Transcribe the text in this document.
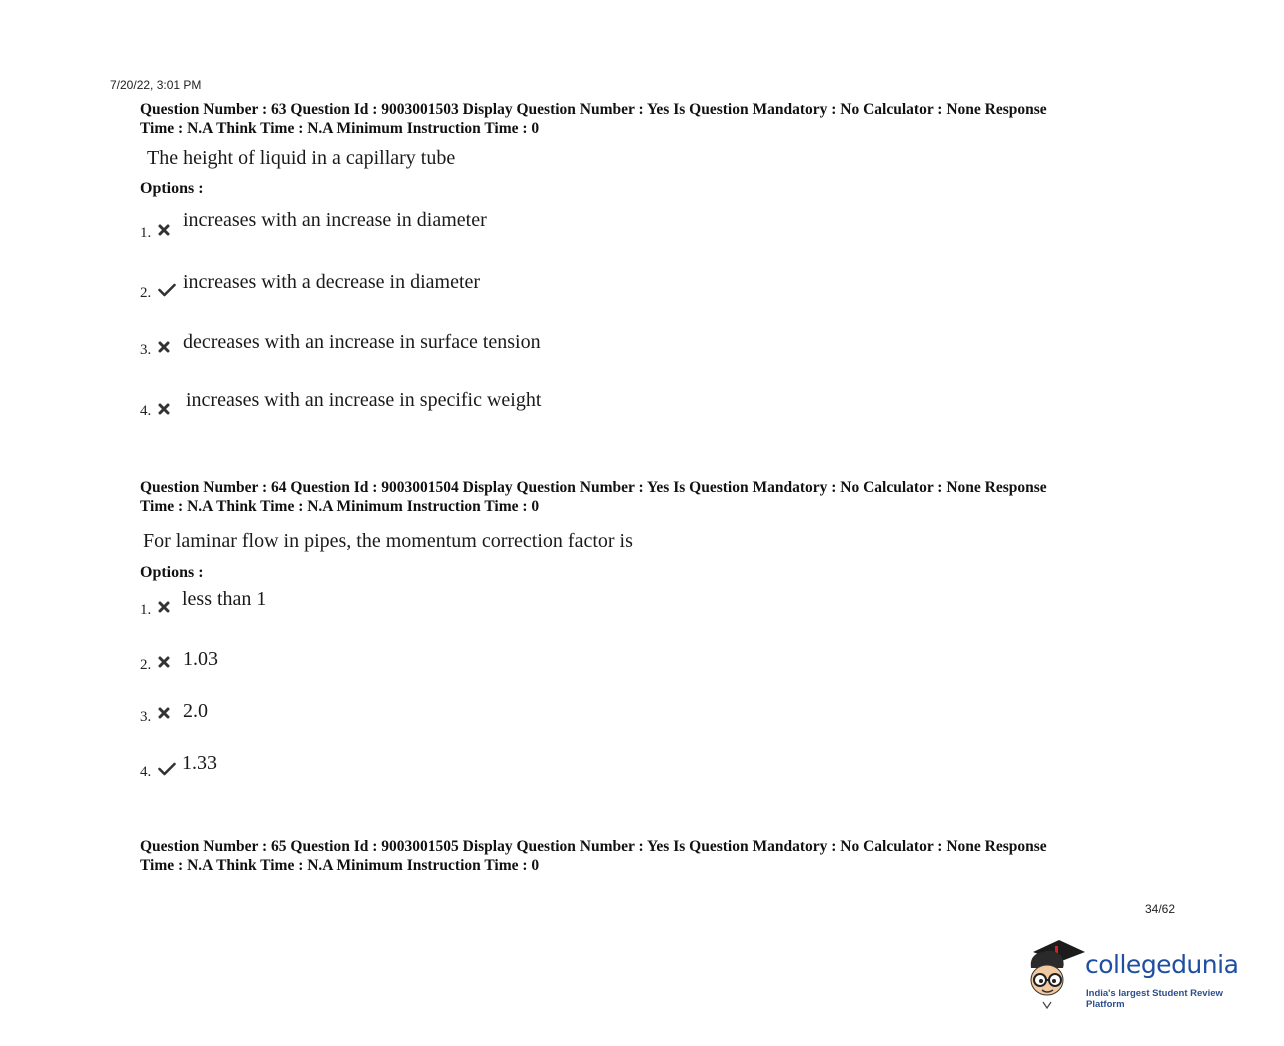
7/20/22, 3:01 PM
Question Number : 63 Question Id : 9003001503 Display Question Number : Yes Is Question Mandatory : No Calculator : None Response
Time : N.A Think Time : N.A Minimum Instruction Time : 0
The height of liquid in a capillary tube
Options :
1.
increases with an increase in diameter
2. increases with a decrease in diameter
3. decreases with an increase in surface tension
4. increases with an increase in specific weight
Question Number : 64 Question Id : 9003001504 Display Question Number : Yes Is Question Mandatory : No Calculator : None Response
Time : N.A Think Time : N.A Minimum Instruction Time : 0
For laminar flow in pipes, the momentum correction factor is
Options :
1. less than 1
2. 1.03
3. 2.0
4. 1.33
Question Number : 65 Question Id : 9003001505 Display Question Number : Yes Is Question Mandatory : No Calculator : None Response
Time : N.A Think Time : N.A Minimum Instruction Time : 0
34/62
collegedunia
India's largest Student Review Platform
